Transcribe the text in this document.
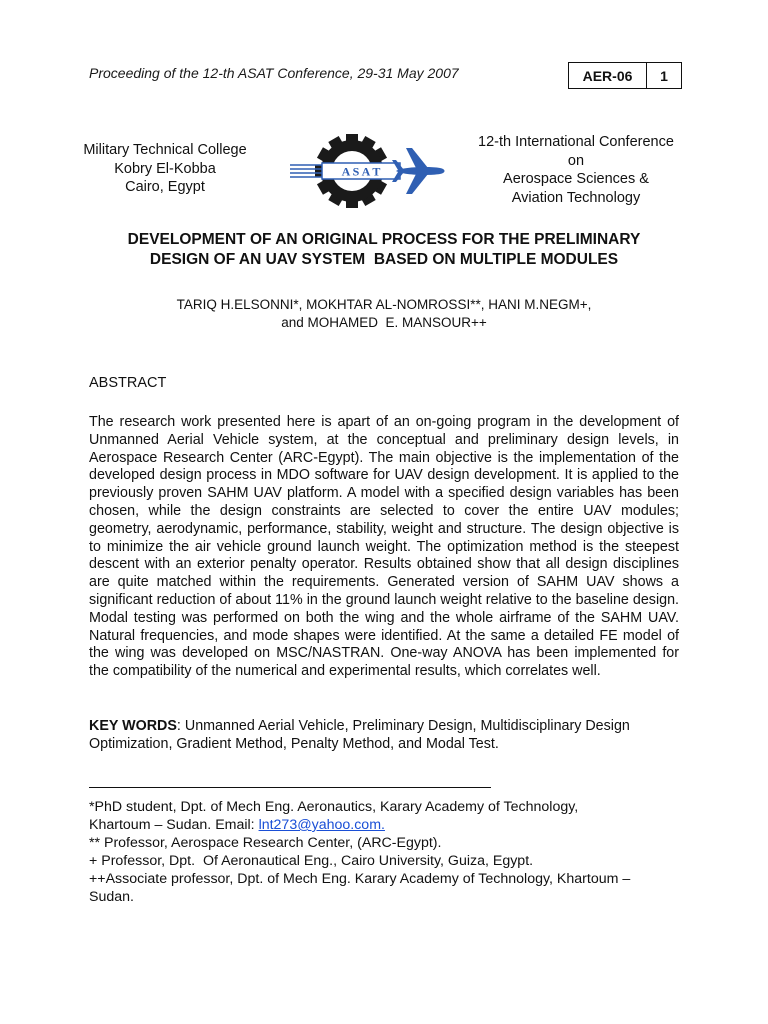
Proceeding of the 12-th ASAT Conference, 29-31 May 2007	AER-06	1
Military Technical College
Kobry El-Kobba
Cairo, Egypt
A S A T
12-th International Conference
on
Aerospace Sciences &
Aviation Technology
DEVELOPMENT OF AN ORIGINAL PROCESS FOR THE PRELIMINARY
DESIGN OF AN UAV SYSTEM  BASED ON MULTIPLE MODULES
TARIQ H.ELSONNI*, MOKHTAR AL-NOMROSSI**, HANI M.NEGM+,
and MOHAMED  E. MANSOUR++
ABSTRACT

The research work presented here is apart of an on-going program in the development of Unmanned Aerial Vehicle system, at the conceptual and preliminary design levels, in Aerospace Research Center (ARC-Egypt). The main objective is the implementation of the developed design process in MDO software for UAV design development. It is applied to the previously proven SAHM UAV platform. A model with a specified design variables has been chosen, while the design constraints are selected to cover the entire UAV modules; geometry, aerodynamic, performance, stability, weight and structure. The design objective is to minimize the air vehicle ground launch weight. The optimization method is the steepest descent with an exterior penalty operator. Results obtained show that all design disciplines are quite matched within the requirements. Generated version of SAHM UAV shows a significant reduction of about 11% in the ground launch weight relative to the baseline design. Modal testing was performed on both the wing and the whole airframe of the SAHM UAV. Natural frequencies, and mode shapes were identified. At the same a detailed FE model of the wing was developed on MSC/NASTRAN. One-way ANOVA has been implemented for the compatibility of the numerical and experimental results, which correlates well.

KEY WORDS: Unmanned Aerial Vehicle, Preliminary Design, Multidisciplinary Design Optimization, Gradient Method, Penalty Method, and Modal Test.

*PhD student, Dpt. of Mech Eng. Aeronautics, Karary Academy of Technology,
Khartoum – Sudan. Email: lnt273@yahoo.com.
** Professor, Aerospace Research Center, (ARC-Egypt).
+ Professor, Dpt.  Of Aeronautical Eng., Cairo University, Guiza, Egypt.
++Associate professor, Dpt. of Mech Eng. Karary Academy of Technology, Khartoum –
Sudan.
